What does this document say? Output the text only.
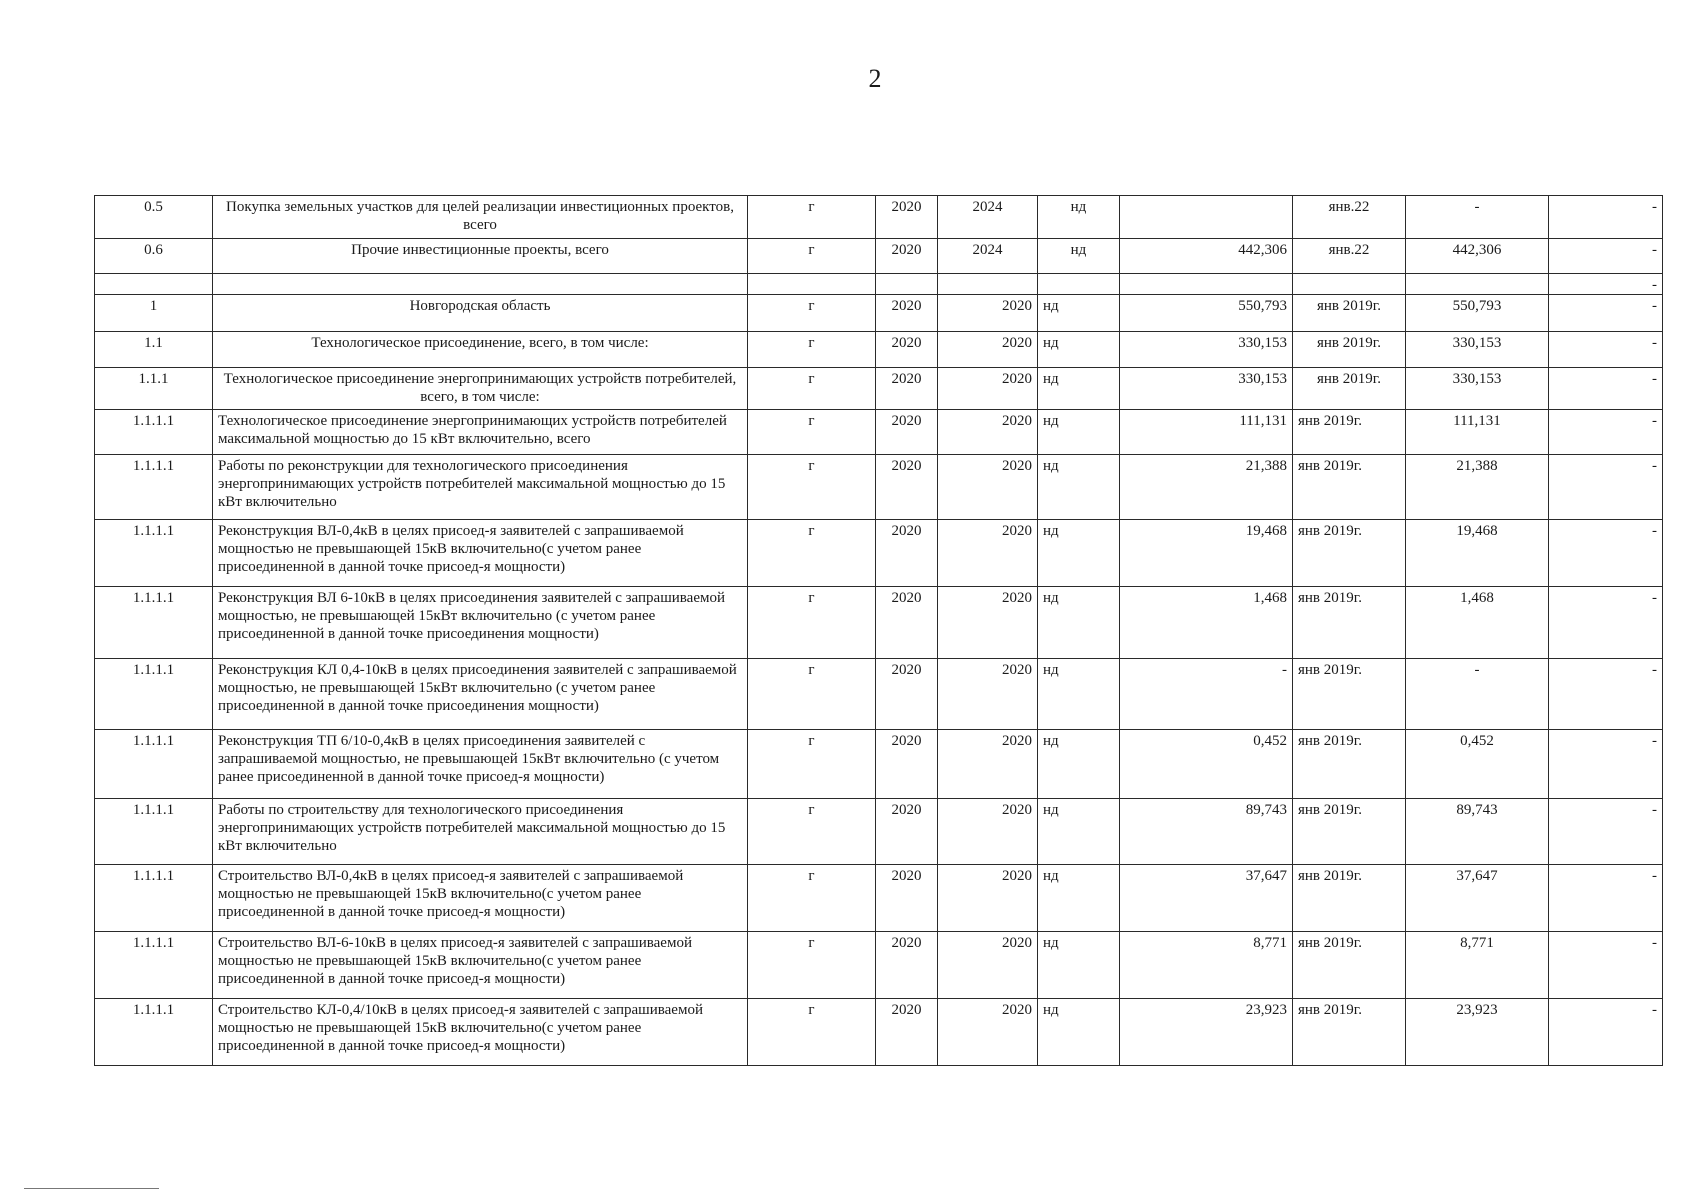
2
0.5	Покупка земельных участков для целей реализации инвестиционных проектов, всего	г	2020	2024	нд		янв.22	-	-
0.6	Прочие инвестиционные проекты, всего	г	2020	2024	нд	442,306	янв.22	442,306	-
									-
1	Новгородская область	г	2020	2020	нд	550,793	янв 2019г.	550,793	-
1.1	Технологическое присоединение, всего, в том числе:	г	2020	2020	нд	330,153	янв 2019г.	330,153	-
1.1.1	Технологическое присоединение энергопринимающих устройств потребителей, всего, в том числе:	г	2020	2020	нд	330,153	янв 2019г.	330,153	-
1.1.1.1	Технологическое присоединение энергопринимающих устройств потребителей максимальной мощностью до 15 кВт включительно, всего	г	2020	2020	нд	111,131	янв 2019г.	111,131	-
1.1.1.1	Работы по реконструкции для технологического присоединения энергопринимающих устройств потребителей максимальной мощностью до 15 кВт включительно	г	2020	2020	нд	21,388	янв 2019г.	21,388	-
1.1.1.1	Реконструкция ВЛ-0,4кВ в целях присоед-я заявителей с запрашиваемой мощностью не превышающей 15кВ включительно(с учетом ранее присоединенной в данной точке присоед-я мощности)	г	2020	2020	нд	19,468	янв 2019г.	19,468	-
1.1.1.1	Реконструкция ВЛ 6-10кВ в целях присоединения заявителей с запрашиваемой мощностью, не превышающей 15кВт включительно (с учетом ранее присоединенной в данной точке присоединения мощности)	г	2020	2020	нд	1,468	янв 2019г.	1,468	-
1.1.1.1	Реконструкция КЛ 0,4-10кВ в целях присоединения заявителей с запрашиваемой мощностью, не превышающей 15кВт включительно (с учетом ранее присоединенной в данной точке присоединения мощности)	г	2020	2020	нд	-	янв 2019г.	-	-
1.1.1.1	Реконструкция ТП 6/10-0,4кВ в целях присоединения заявителей с запрашиваемой мощностью, не превышающей 15кВт включительно (с учетом ранее присоединенной в данной точке присоед-я мощности)	г	2020	2020	нд	0,452	янв 2019г.	0,452	-
1.1.1.1	Работы по строительству для технологического присоединения энергопринимающих устройств потребителей максимальной мощностью до 15 кВт включительно	г	2020	2020	нд	89,743	янв 2019г.	89,743	-
1.1.1.1	Строительство ВЛ-0,4кВ в целях присоед-я заявителей с запрашиваемой мощностью не превышающей 15кВ включительно(с учетом ранее присоединенной в данной точке присоед-я мощности)	г	2020	2020	нд	37,647	янв 2019г.	37,647	-
1.1.1.1	Строительство ВЛ-6-10кВ в целях присоед-я заявителей с запрашиваемой мощностью не превышающей 15кВ включительно(с учетом ранее присоединенной в данной точке присоед-я мощности)	г	2020	2020	нд	8,771	янв 2019г.	8,771	-
1.1.1.1	Строительство КЛ-0,4/10кВ в целях присоед-я заявителей с запрашиваемой мощностью не превышающей 15кВ включительно(с учетом ранее присоединенной в данной точке присоед-я мощности)	г	2020	2020	нд	23,923	янв 2019г.	23,923	-
